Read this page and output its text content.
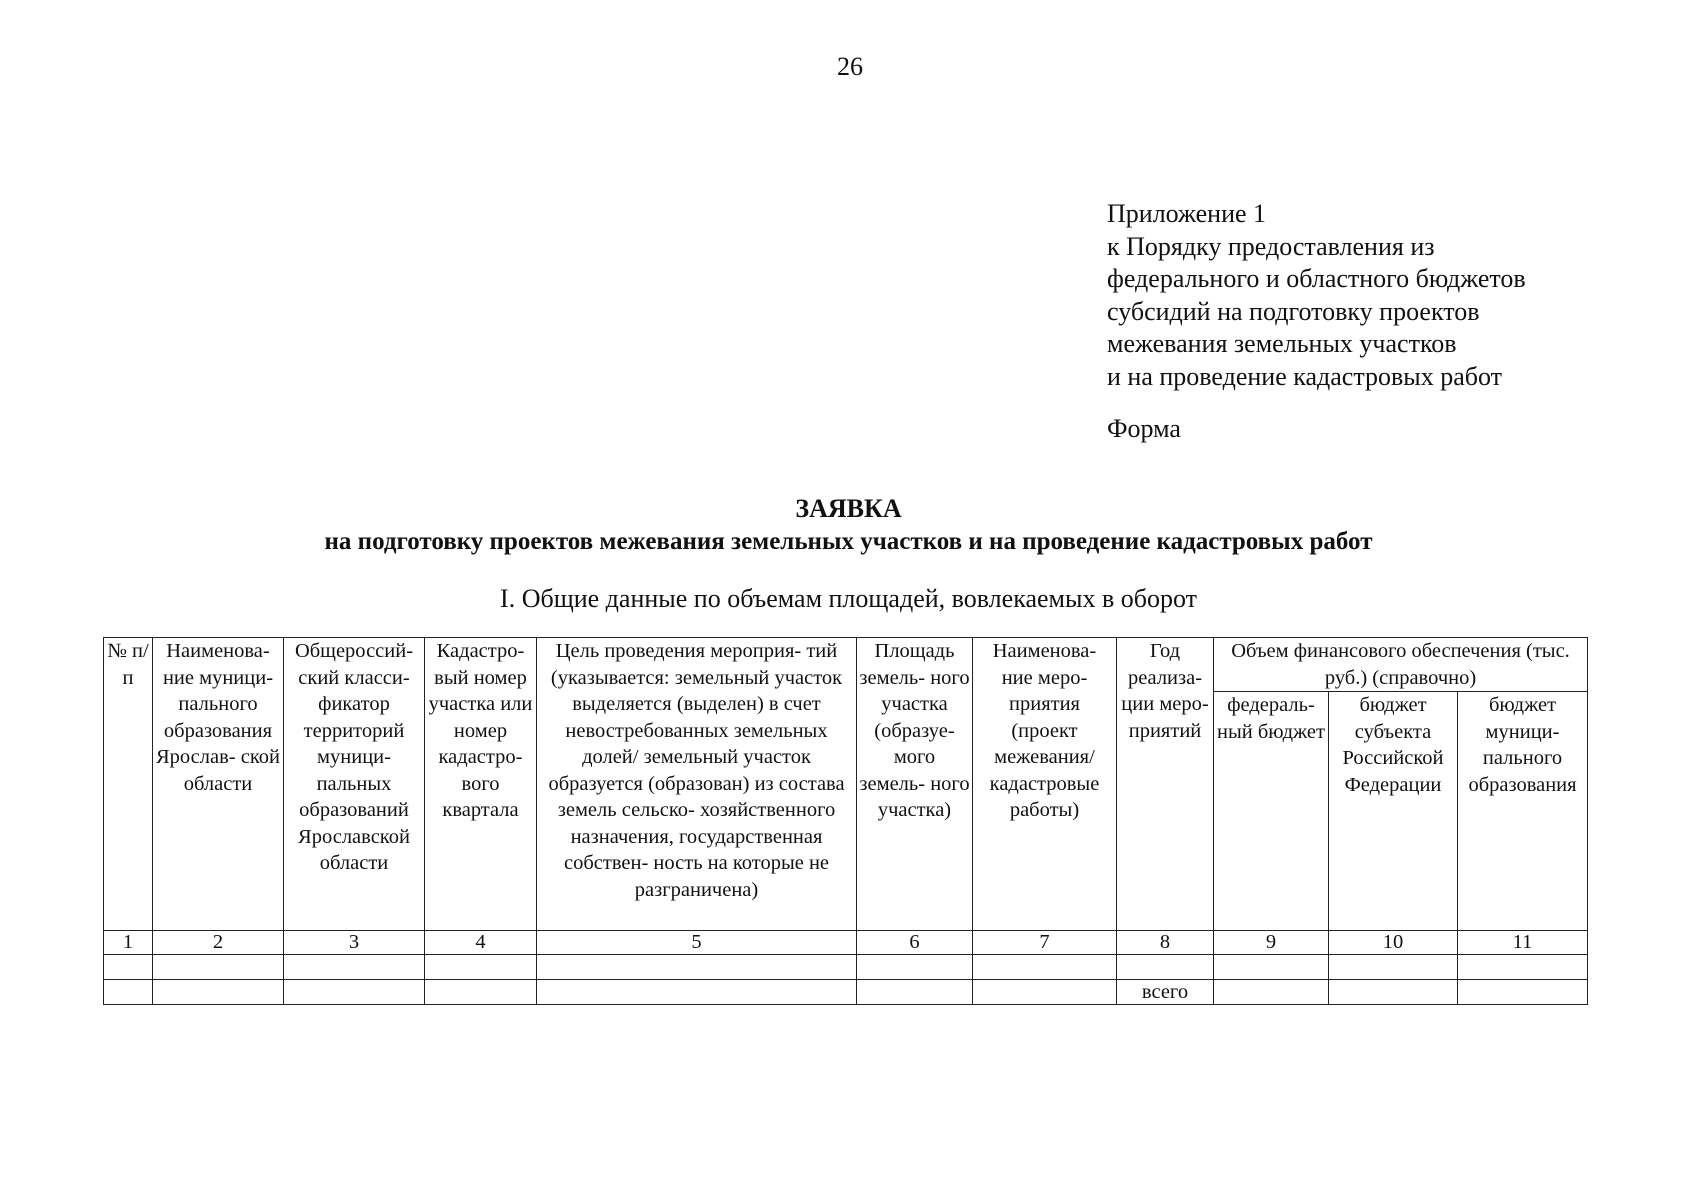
26
Приложение 1
к Порядку предоставления из
федерального и областного бюджетов
субсидий на подготовку проектов
межевания земельных участков
и на проведение кадастровых работ
Форма
ЗАЯВКА
на подготовку проектов межевания земельных участков и на проведение кадастровых работ
I. Общие данные по объемам площадей, вовлекаемых в оборот
№ п/п	Наименова- ние муници- пального образования Ярослав- ской области	Общероссий- ский класси- фикатор территорий муници- пальных образований Ярославской области	Кадастро- вый номер участка или номер кадастро- вого квартала	Цель проведения мероприя- тий (указывается: земельный участок выделяется (выделен) в счет невостребованных земельных долей/ земельный участок образуется (образован) из состава земель сельско- хозяйственного назначения, государственная собствен- ность на которые не разграничена)	Площадь земель- ного участка (образуе- мого земель- ного участка)	Наименова- ние меро- приятия (проект межевания/ кадастровые работы)	Год реализа- ции меро- приятий	Объем финансового обеспечения (тыс. руб.) (справочно)		
								федераль- ный бюджет	бюджет субъекта Российской Федерации	бюджет муници- пального образования
1	2	3	4	5	6	7	8	9	10	11

							всего			
